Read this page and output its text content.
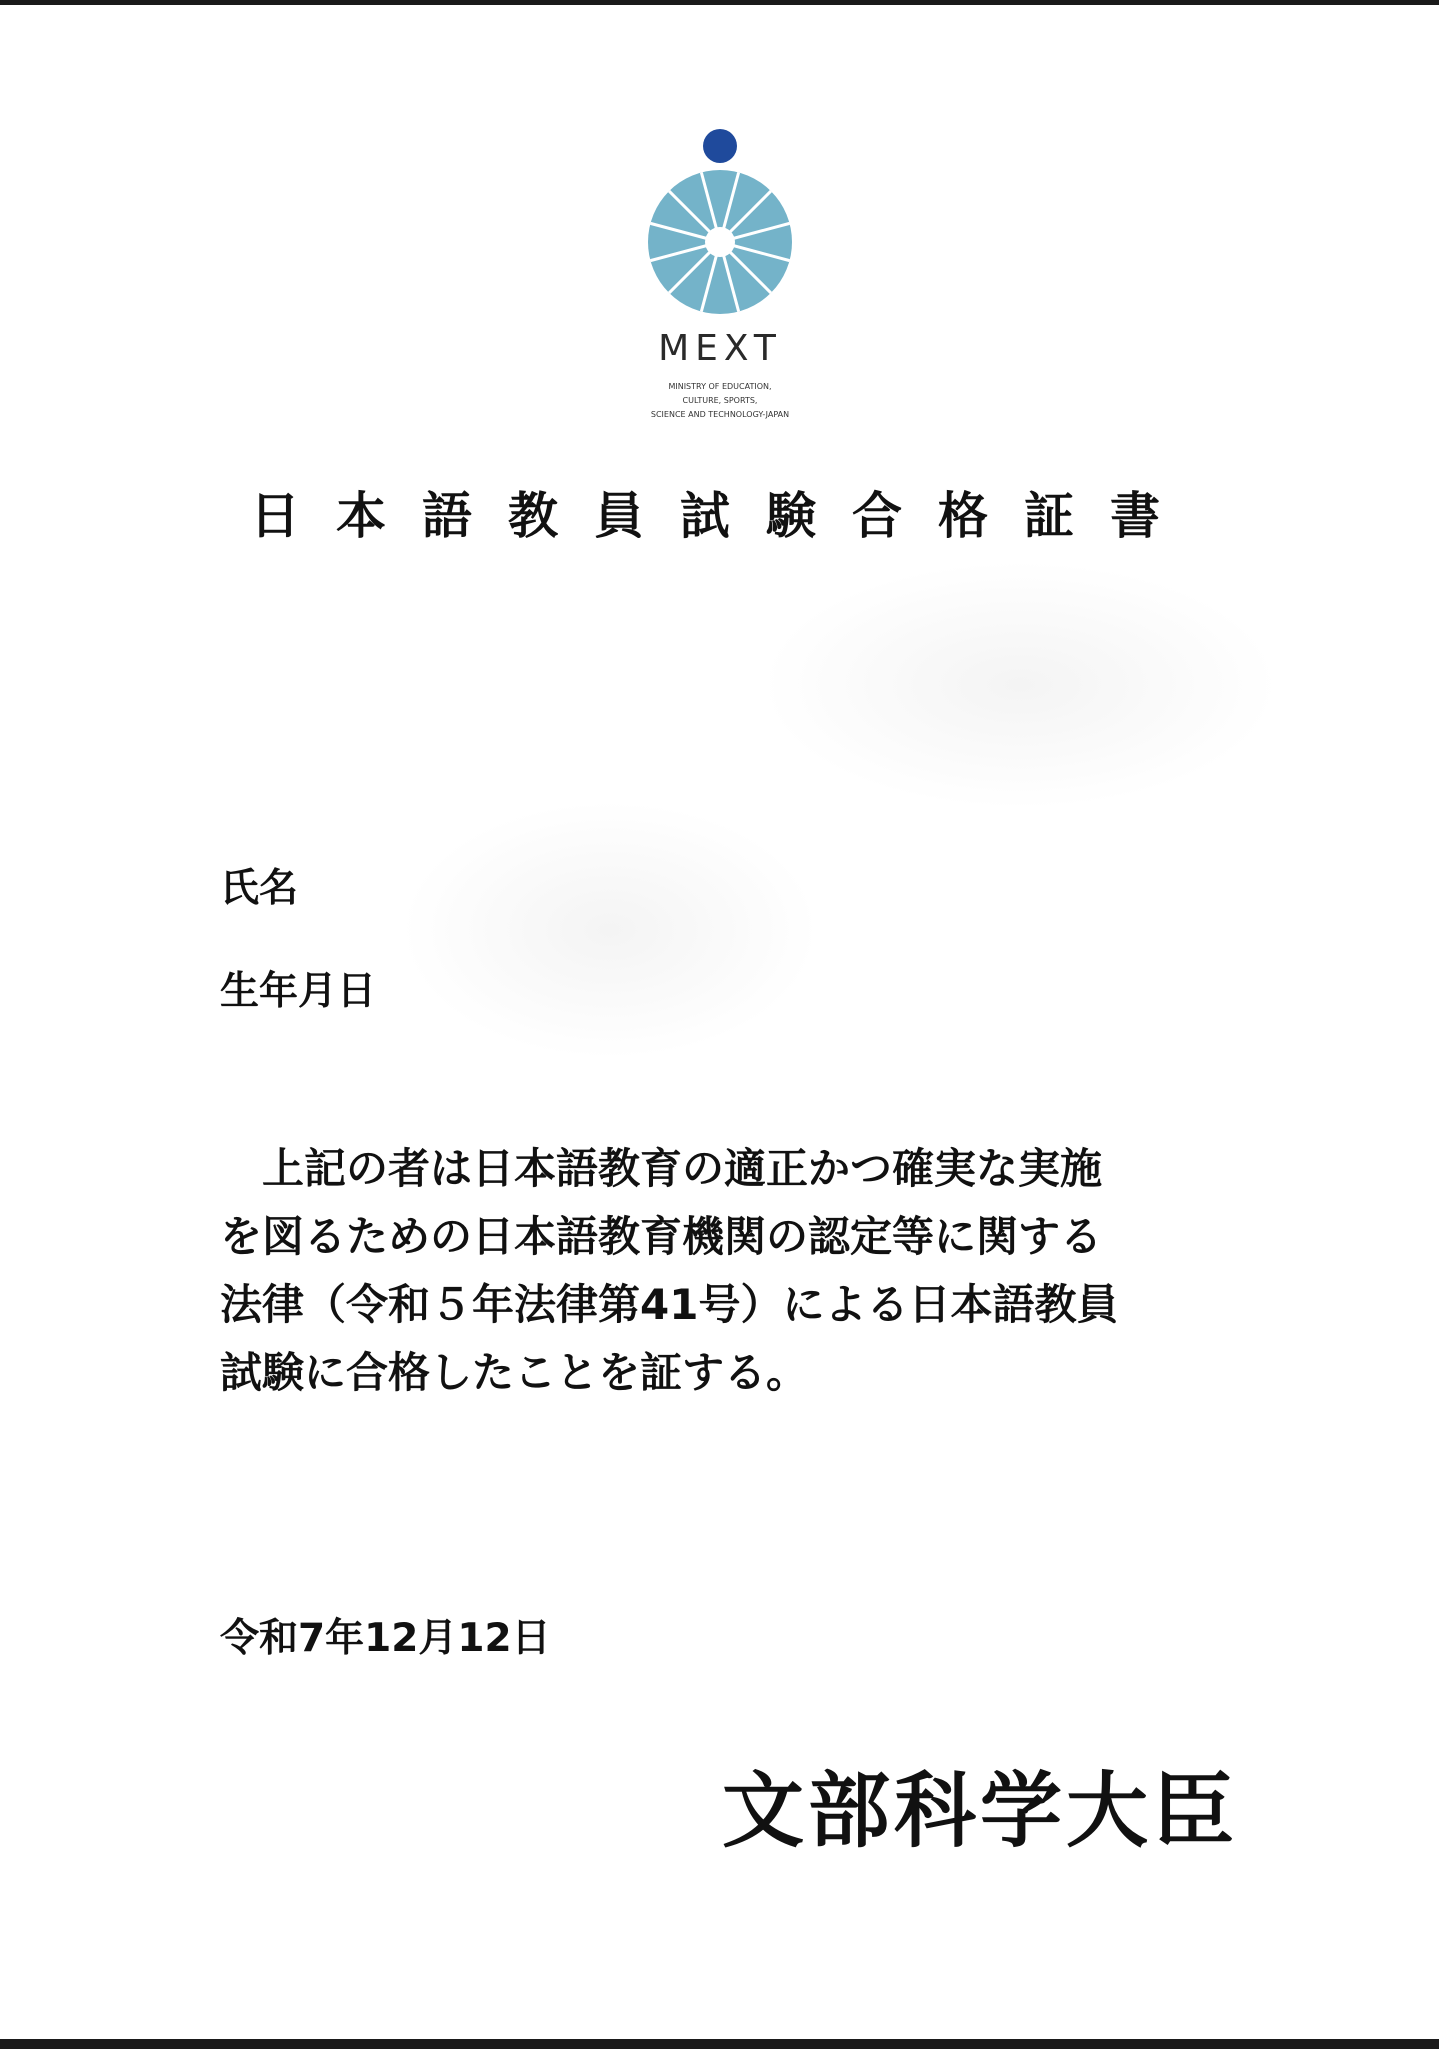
MEXT
MINISTRY OF EDUCATION,
CULTURE, SPORTS,
SCIENCE AND TECHNOLOGY-JAPAN
日本語教員試験合格証書
氏名
生年月日
　上記の者は日本語教育の適正かつ確実な実施
を図るための日本語教育機関の認定等に関する
法律（令和５年法律第41号）による日本語教員
試験に合格したことを証する。
令和7年12月12日
文部科学大臣
